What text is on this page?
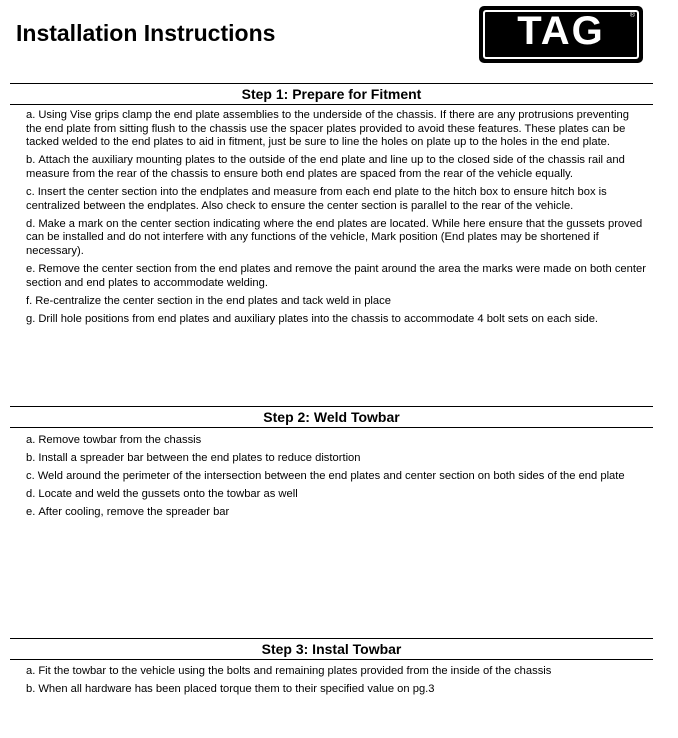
Installation Instructions	TAG	®
Step 1: Prepare for Fitment
a. Using Vise grips clamp the end plate assemblies to the underside of the chassis. If there are any protrusions preventing the end plate from sitting flush to the chassis use the spacer plates provided to avoid these features. These plates can be tacked welded to the end plates to aid in fitment, just be sure to line the holes on plate up to the holes in the end plate.
b. Attach the auxiliary mounting plates to the outside of the end plate and line up to the closed side of the chassis rail and measure from the rear of the chassis to ensure both end plates are spaced from the rear of the vehicle equally.
c. Insert the center section into the endplates and measure from each end plate to the hitch box to ensure hitch box is centralized between the endplates. Also check to ensure the center section is parallel to the rear of the vehicle.
d. Make a mark on the center section indicating where the end plates are located. While here ensure that the gussets proved can be installed and do not interfere with any functions of the vehicle, Mark position (End plates may be shortened if necessary).
e. Remove the center section from the end plates and remove the paint around the area the marks were made on both center section and end plates to accommodate welding.
f. Re-centralize the center section in the end plates and tack weld in place
g. Drill hole positions from end plates and auxiliary plates into the chassis to accommodate 4 bolt sets on each side.
Step 2: Weld Towbar
a. Remove towbar from the chassis
b. Install a spreader bar between the end plates to reduce distortion
c. Weld around the perimeter of the intersection between the end plates and center section on both sides of the end plate
d. Locate and weld the gussets onto the towbar as well
e. After cooling, remove the spreader bar
Step 3: Instal Towbar
a. Fit the towbar to the vehicle using the bolts and remaining plates provided from the inside of the chassis
b. When all hardware has been placed torque them to their specified value on pg.3
